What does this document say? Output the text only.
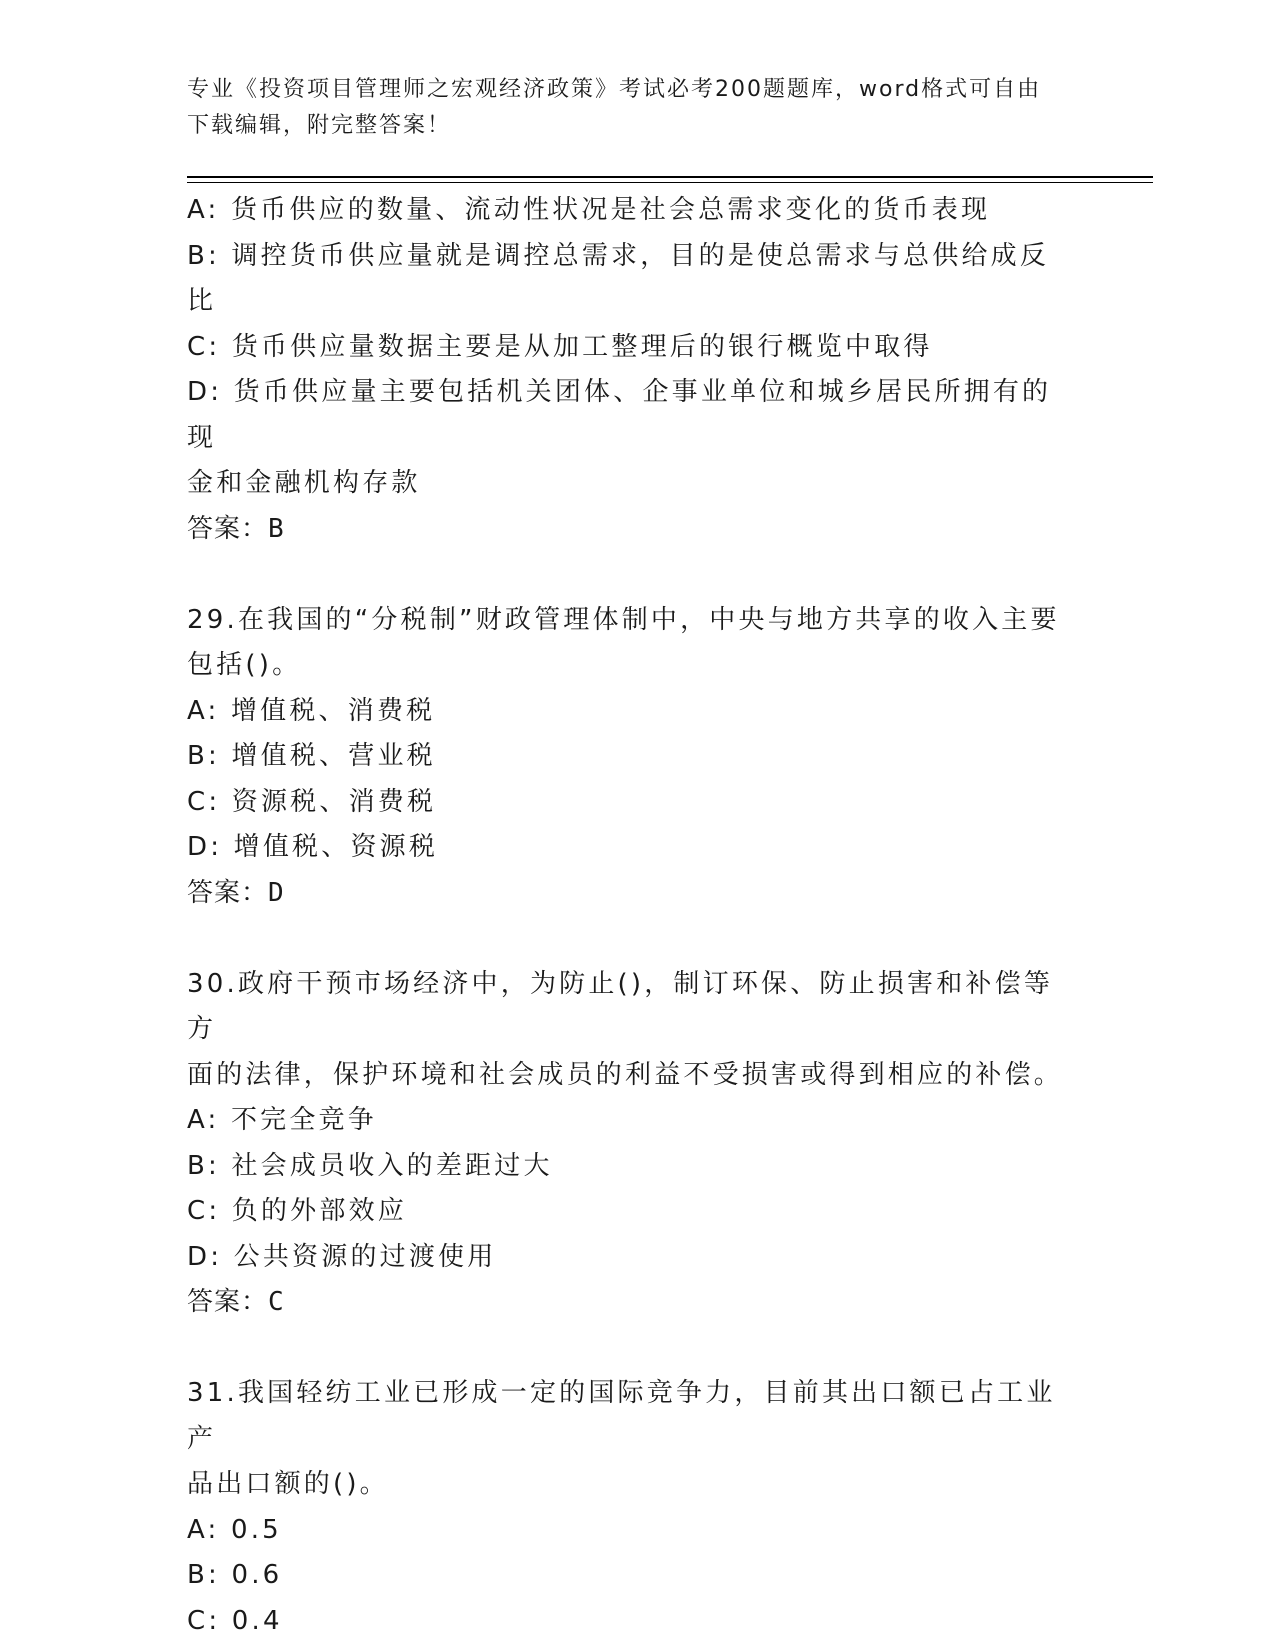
专业《投资项目管理师之宏观经济政策》考试必考200题题库，word格式可自由
下载编辑，附完整答案！
A: 货币供应的数量、流动性状况是社会总需求变化的货币表现
B: 调控货币供应量就是调控总需求，目的是使总需求与总供给成反比
C: 货币供应量数据主要是从加工整理后的银行概览中取得
D: 货币供应量主要包括机关团体、企事业单位和城乡居民所拥有的现
金和金融机构存款
答案：B
29.在我国的“分税制”财政管理体制中，中央与地方共享的收入主要
包括()。
A: 增值税、消费税
B: 增值税、营业税
C: 资源税、消费税
D: 增值税、资源税
答案：D
30.政府干预市场经济中，为防止()，制订环保、防止损害和补偿等方
面的法律，保护环境和社会成员的利益不受损害或得到相应的补偿。
A: 不完全竞争
B: 社会成员收入的差距过大
C: 负的外部效应
D: 公共资源的过渡使用
答案：C
31.我国轻纺工业已形成一定的国际竞争力，目前其出口额已占工业产
品出口额的()。
A: 0.5
B: 0.6
C: 0.4
